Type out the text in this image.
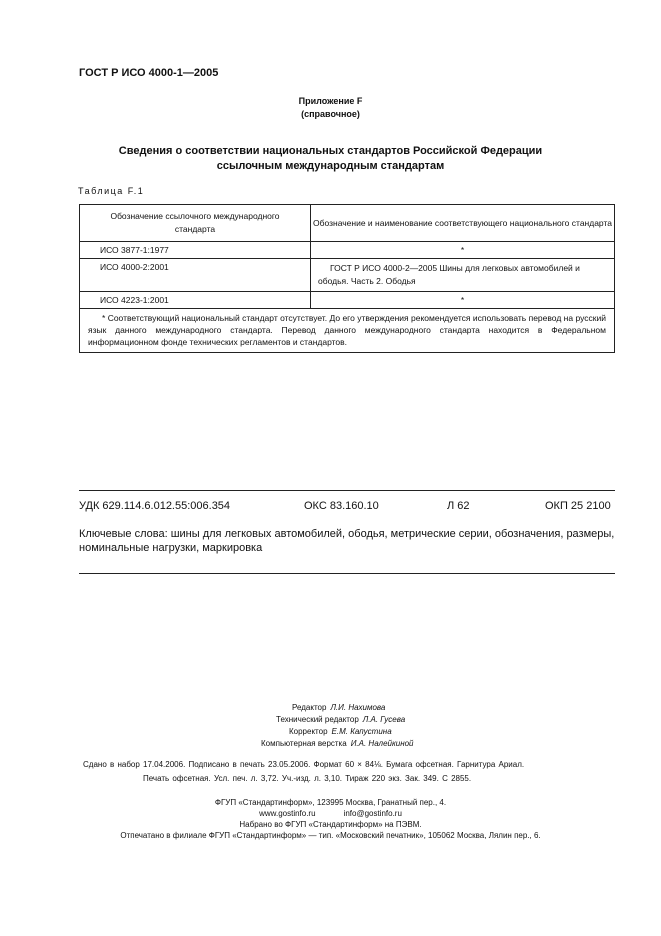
ГОСТ Р ИСО 4000-1—2005
Приложение F
(справочное)
Сведения о соответствии национальных стандартов Российской Федерации
ссылочным международным стандартам
Таблица F.1
Обозначение ссылочного международного стандарта	Обозначение и наименование соответствующего национального стандарта
ИСО 3877-1:1977	*
ИСО 4000-2:2001	ГОСТ Р ИСО 4000-2—2005 Шины для легковых автомобилей и ободья. Часть 2. Ободья
ИСО 4223-1:2001	*
* Соответствующий национальный стандарт отсутствует. До его утверждения рекомендуется использовать перевод на русский язык данного международного стандарта. Перевод данного международного стандарта находится в Федеральном информационном фонде технических регламентов и стандартов.	
УДК 629.114.6.012.55:006.354	ОКС 83.160.10	Л 62	ОКП 25 2100
Ключевые слова: шины для легковых автомобилей, ободья, метрические серии, обозначения, размеры,
номинальные нагрузки, маркировка
Редактор Л.И. Нахимова
Технический редактор Л.А. Гусева
Корректор Е.М. Капустина
Компьютерная верстка И.А. Налейкиной
Сдано в набор 17.04.2006. Подписано в печать 23.05.2006. Формат 60 × 84⅛. Бумага офсетная. Гарнитура Ариал.
Печать офсетная. Усл. печ. л. 3,72. Уч.-изд. л. 3,10. Тираж 220 экз. Зак. 349. С 2855.
ФГУП «Стандартинформ», 123995 Москва, Гранатный пер., 4.
www.gostinfo.ru	info@gostinfo.ru
Набрано во ФГУП «Стандартинформ» на ПЭВМ.
Отпечатано в филиале ФГУП «Стандартинформ» — тип. «Московский печатник», 105062 Москва, Лялин пер., 6.
